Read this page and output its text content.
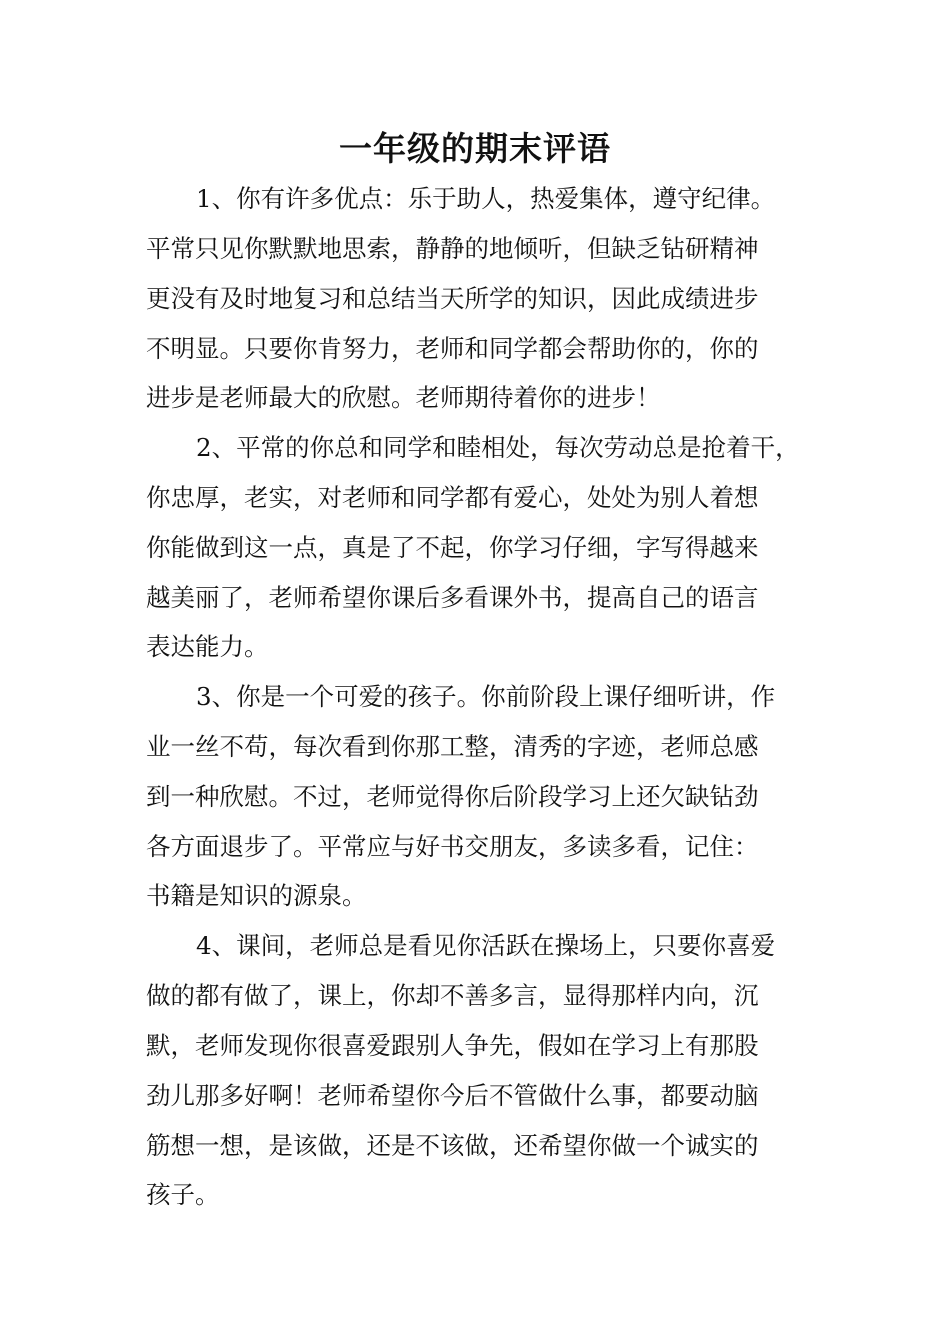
一年级的期末评语

1、你有许多优点：乐于助人，热爱集体，遵守纪律。

平常只见你默默地思索，静静的地倾听，但缺乏钻研精神

更没有及时地复习和总结当天所学的知识，因此成绩进步

不明显。只要你肯努力，老师和同学都会帮助你的，你的

进步是老师最大的欣慰。老师期待着你的进步！

2、平常的你总和同学和睦相处，每次劳动总是抢着干，

你忠厚，老实，对老师和同学都有爱心，处处为别人着想

你能做到这一点，真是了不起，你学习仔细，字写得越来

越美丽了，老师希望你课后多看课外书，提高自己的语言

表达能力。

3、你是一个可爱的孩子。你前阶段上课仔细听讲，作

业一丝不苟，每次看到你那工整，清秀的字迹，老师总感

到一种欣慰。不过，老师觉得你后阶段学习上还欠缺钻劲

各方面退步了。平常应与好书交朋友，多读多看，记住：

书籍是知识的源泉。

4、课间，老师总是看见你活跃在操场上，只要你喜爱

做的都有做了，课上，你却不善多言，显得那样内向，沉

默，老师发现你很喜爱跟别人争先，假如在学习上有那股

劲儿那多好啊！老师希望你今后不管做什么事，都要动脑

筋想一想，是该做，还是不该做，还希望你做一个诚实的

孩子。
